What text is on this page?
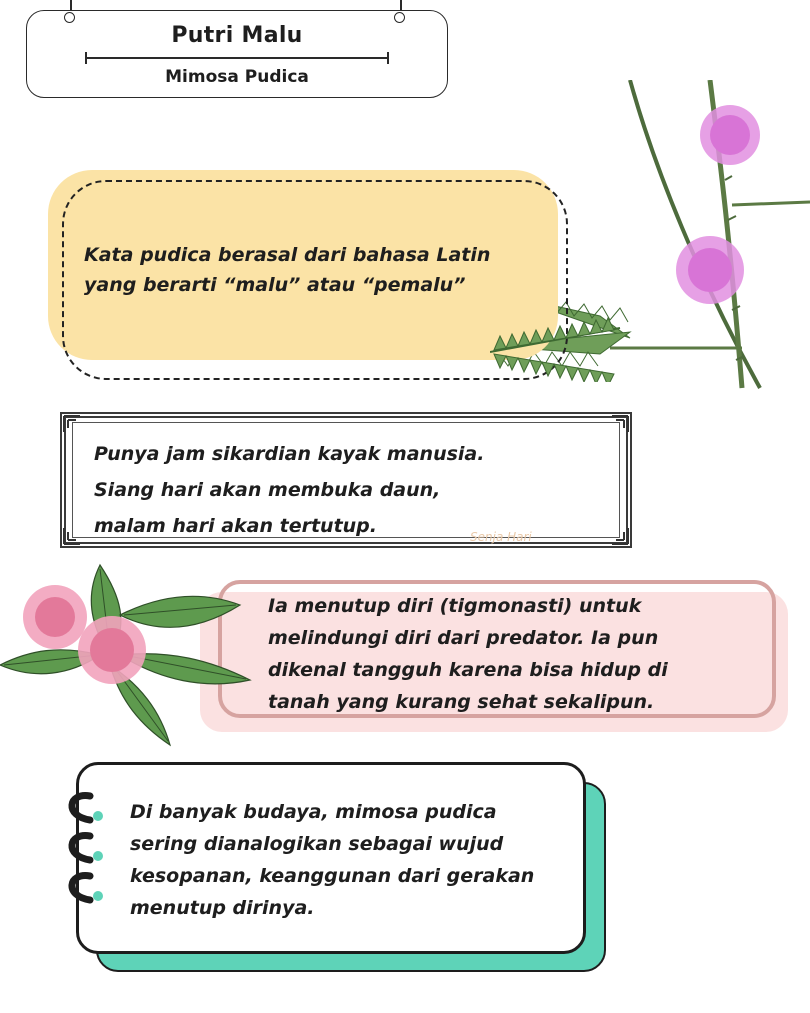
Putri Malu
Mimosa Pudica
Kata pudica berasal dari bahasa Latin
yang berarti “malu” atau “pemalu”
Punya jam sikardian kayak manusia.
Siang hari akan membuka daun,
malam hari akan tertutup.	Senja Hari
Ia menutup diri (tigmonasti) untuk
melindungi diri dari predator. Ia pun
dikenal tangguh karena bisa hidup di
tanah yang kurang sehat sekalipun.
Di banyak budaya, mimosa pudica
sering dianalogikan sebagai wujud
kesopanan, keanggunan dari gerakan
menutup dirinya.
